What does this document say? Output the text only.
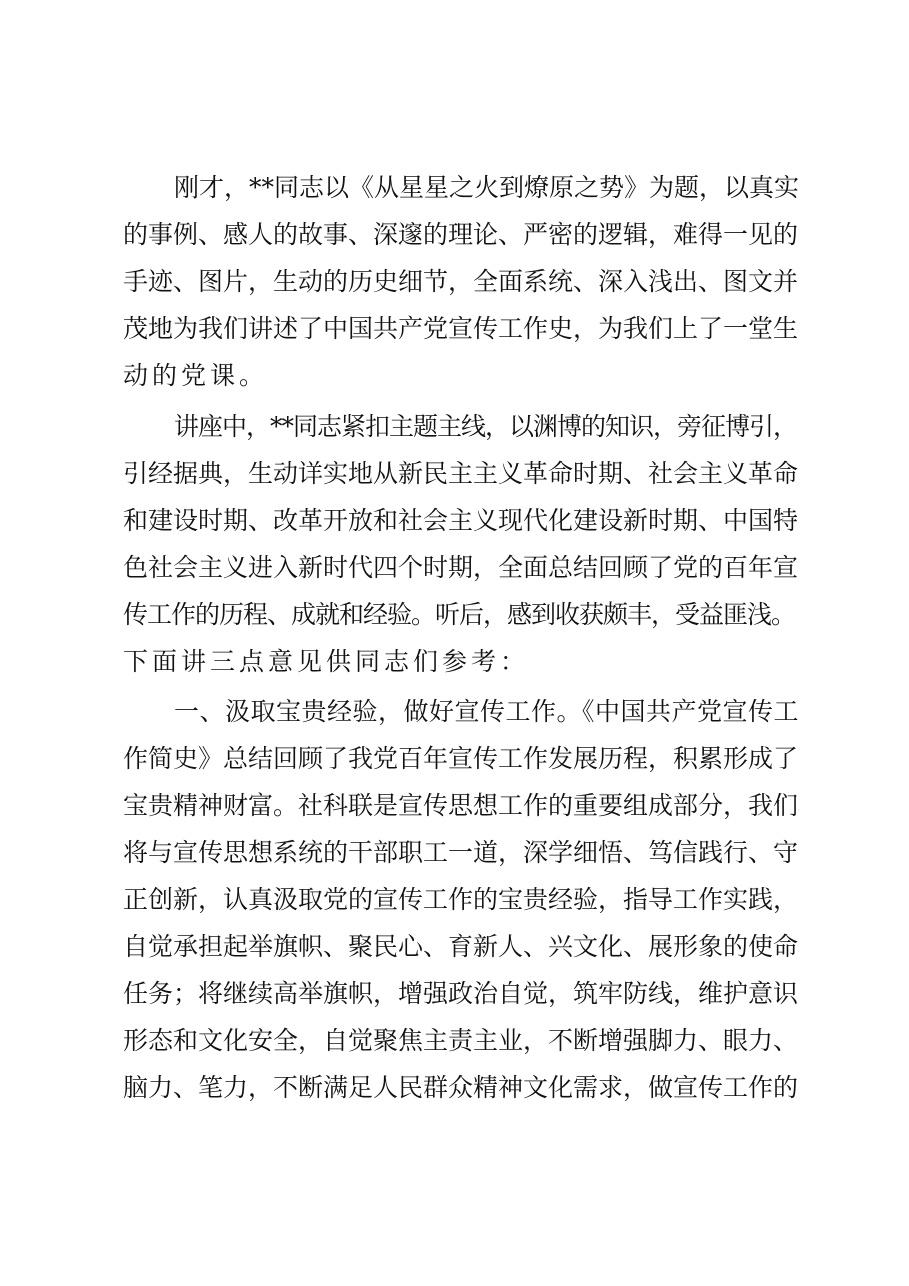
刚才，**同志以《从星星之火到燎原之势》为题，以真实
的事例、感人的故事、深邃的理论、严密的逻辑，难得一见的
手迹、图片，生动的历史细节，全面系统、深入浅出、图文并
茂地为我们讲述了中国共产党宣传工作史，为我们上了一堂生
动的党课。
讲座中，**同志紧扣主题主线，以渊博的知识，旁征博引，
引经据典，生动详实地从新民主主义革命时期、社会主义革命
和建设时期、改革开放和社会主义现代化建设新时期、中国特
色社会主义进入新时代四个时期，全面总结回顾了党的百年宣
传工作的历程、成就和经验。听后，感到收获颇丰，受益匪浅。
下面讲三点意见供同志们参考：
一、汲取宝贵经验，做好宣传工作。《中国共产党宣传工
作简史》总结回顾了我党百年宣传工作发展历程，积累形成了
宝贵精神财富。社科联是宣传思想工作的重要组成部分，我们
将与宣传思想系统的干部职工一道，深学细悟、笃信践行、守
正创新，认真汲取党的宣传工作的宝贵经验，指导工作实践，
自觉承担起举旗帜、聚民心、育新人、兴文化、展形象的使命
任务；将继续高举旗帜，增强政治自觉，筑牢防线，维护意识
形态和文化安全，自觉聚焦主责主业，不断增强脚力、眼力、
脑力、笔力，不断满足人民群众精神文化需求，做宣传工作的
